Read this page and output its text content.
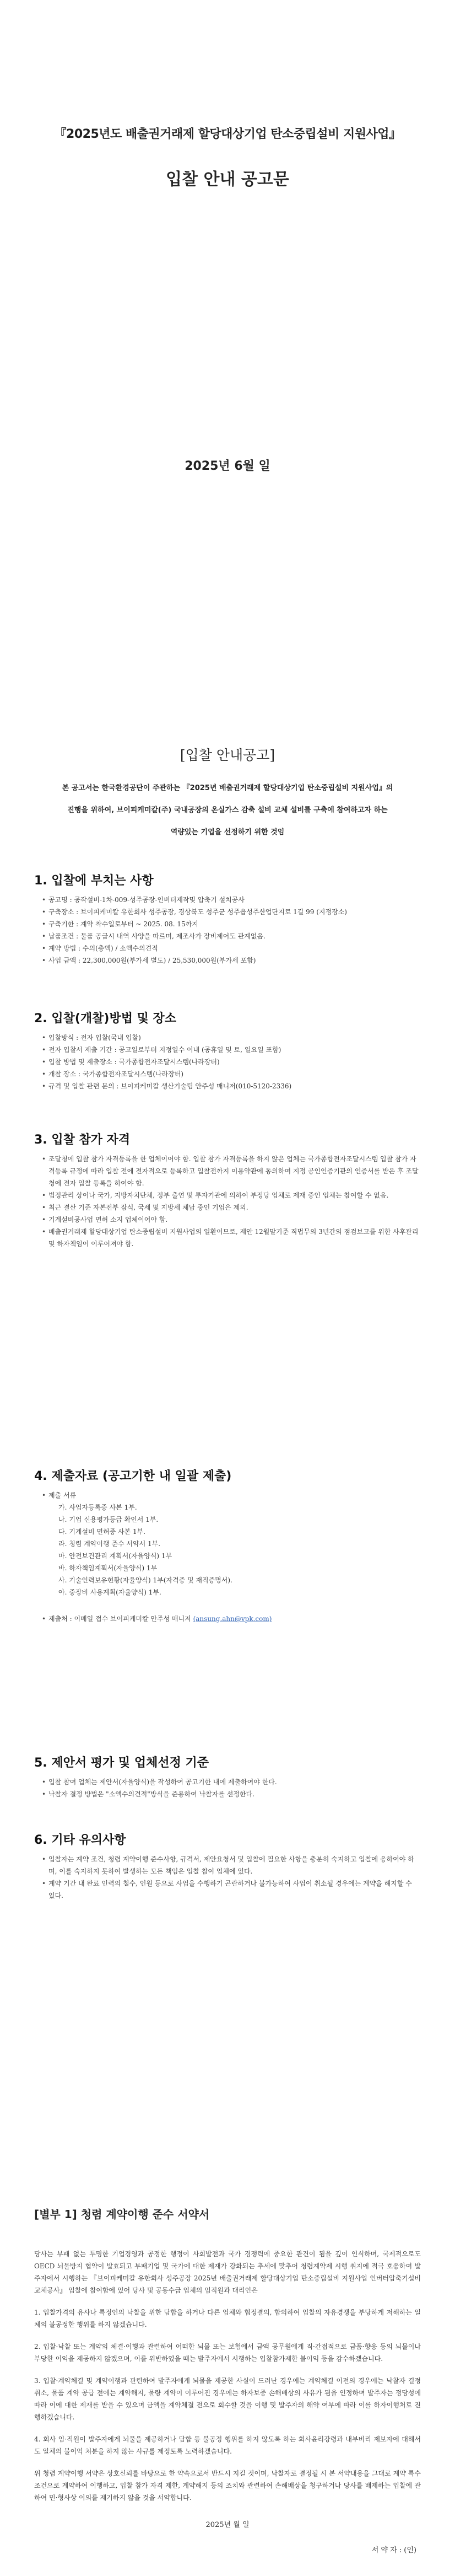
『2025년도 배출권거래제 할당대상기업 탄소중립설비 지원사업』
입찰 안내 공고문
2025년 6월 일
[입찰 안내공고]
본 공고서는 한국환경공단이 주관하는 『2025년 배출권거래제 할당대상기업 탄소중립설비 지원사업』의
진행을 위하여, 브이피케미칼(주) 국내공장의 온실가스 감축 설비 교체 설비를 구축에 참여하고자 하는
역량있는 기업을 선정하기 위한 것임
1. 입찰에 부치는 사항
• 공고명 : 공작설비-1차-009-성주공장-인버터제작및 압축기 설치공사
• 구축장소 : 브이피케미칼 유한회사 성주공장, 경상북도 성주군 성주읍성주산업단지로 1길 99 (지정장소)
• 구축기한 : 계약 착수일로부터 ~ 2025. 08. 15까지
• 납품조건 : 물품 공급시 내역 사양을 따르며, 제조사가 장비제어도 관계없음.
• 계약 방법 : 수의(총액) / 소액수의견적
• 사업 금액 : 22,300,000원(부가세 별도) / 25,530,000원(부가세 포함)
2. 입찰(개찰)방법 및 장소
• 입찰방식 : 전자 입찰(국내 입찰)
• 전자 입찰서 제출 기간 : 공고일로부터 지정일수 이내 (공휴일 및 토, 일요일 포함)
• 입찰 방법 및 제출장소 : 국가종합전자조달시스템(나라장터)
• 개찰 장소 : 국가종합전자조달시스템(나라장터)
• 규격 및 입찰 관련 문의 : 브이피케미칼 생산기술팀 안주성 매니저(010-5120-2336)
3. 입찰 참가 자격
• 조달청에 입찰 참가 자격등록을 한 업체이어야 함. 입찰 참가 자격등록을 하지 않은 업체는 국가종합전자조달시스템 입찰 참가 자격등록 규정에 따라 입찰 전에 전자적으로 등록하고 입찰전까지 이용약관에 동의하여 지정 공인인증기관의 인증서를 받은 후 조달청에 전자 입찰 등록을 하여야 함.
• 법정관리 상이나 국가, 지방자치단체, 정부 출연 및 투자기관에 의하여 부정당 업체로 제재 중인 업체는 참여할 수 없음.
• 최근 결산 기준 자본전부 잠식, 국세 및 지방세 체납 중인 기업은 제외.
• 기계설비공사업 면허 소지 업체이어야 함.
• 배출권거래제 할당대상기업 탄소중립설비 지원사업의 일환이므로, 제안 12월말기준 직법무의 3년간의 점검보고를 위한 사후관리 및 하자책임이 이루어져야 함.
4. 제출자료 (공고기한 내 일괄 제출)
• 제출 서류
가. 사업자등록증 사본 1부.
나. 기업 신용평가등급 확인서 1부.
다. 기계설비 면허증 사본 1부.
라. 청렴 계약이행 준수 서약서 1부.
마. 안전보건관리 계획서(자율양식) 1부
바. 하자책임계획서(자율양식) 1부
사. 기술인력보유현황(자율양식) 1부(자격증 및 재직증명서).
아. 중장비 사용계획(자율양식) 1부.
• 제출처 : 이메일 접수 브이피케미칼 안주성 매니저 (ansung.ahn@vpk.com)
5. 제안서 평가 및 업체선정 기준
• 입찰 참여 업체는 제안서(자율양식)을 작성하여 공고기한 내에 제출하여야 한다.
• 낙찰자 결정 방법은 "소액수의견적"방식을 준용하여 낙찰자를 선정한다.
6. 기타 유의사항
• 입찰자는 계약 조건, 청렴 계약이행 준수사항, 규격서, 제안요청서 및 입찰에 필요한 사항을 충분히 숙지하고 입찰에 응하여야 하며, 이를 숙지하지 못하여 발생하는 모든 책임은 입찰 참여 업체에 있다.
• 계약 기간 내 완료 인력의 철수, 인원 등으로 사업을 수행하기 곤란하거나 불가능하여 사업이 취소될 경우에는 계약을 해지할 수 있다.
[별부 1] 청렴 계약이행 준수 서약서

당사는 부패 없는 투명한 기업경영과 공정한 행정이 사회발전과 국가 경쟁력에 중요한 관건이 됨을 깊이 인식하며, 국제적으로도 OECD 뇌물방지 협약이 발효되고 부패기업 및 국가에 대한 제재가 강화되는 추세에 맞추어 청렴계약제 시행 취지에 적극 호응하여 발주자에서 시행하는 『브이피케미칼 유한회사 성주공장 2025년 배출권거래제 할당대상기업 탄소중립설비 지원사업 인버터압축기설비 교체공사』 입찰에 참여함에 있어 당사 및 공동수급 업체의 임직원과 대리인은

1. 입찰가격의 유사나 특정인의 낙찰을 위한 담합을 하거나 다른 업체와 협정결의, 합의하여 입찰의 자유경쟁을 부당하게 저해하는 일체의 불공정한 행위를 하지 않겠습니다.

2. 입찰·낙찰 또는 계약의 체결·이행과 관련하여 어떠한 뇌물 또는 보험에서 금액 공무원에게 직·간접적으로 금품·향응 등의 뇌물이나 부당한 이익을 제공하지 않겠으며, 이를 위반하였을 때는 발주자에서 시행하는 입찰참가제한 불이익 등을 감수하겠습니다.

3. 입찰·계약체결 및 계약이행과 관련하여 발주자에게 뇌물을 제공한 사실이 드러난 경우에는 계약체결 이전의 경우에는 낙찰자 결정 취소, 물품 계약 공급 전에는 계약해지, 물량 계약이 이루어진 경우에는 하자보증 손해배상의 사유가 됨을 인정하며 발주자는 정당성에 따라 이에 대한 제재를 받을 수 있으며 금액을 계약체결 전으로 회수할 것을 이행 및 발주자의 해약 여부에 따라 이를 하자이행처로 진행하겠습니다.

4. 회사 임·직원이 발주자에게 뇌물을 제공하거나 담합 등 불공정 행위를 하지 않도록 하는 회사윤리강령과 내부비리 제보자에 대해서도 일체의 불이익 처분을 하지 않는 사규를 제정토록 노력하겠습니다.

위 청렴 계약이행 서약은 상호신뢰를 바탕으로 한 약속으로서 반드시 지킬 것이며, 낙찰자로 결정될 시 본 서약내용을 그대로 계약 특수 조건으로 계약하여 이행하고, 입찰 참가 자격 제한, 계약해지 등의 조치와 관련하여 손해배상을 청구하거나 당사를 배제하는 입찰에 관하여 민·형사상 이의를 제기하지 않을 것을 서약합니다.

2025년 월 일
서 약 자 : (인)
